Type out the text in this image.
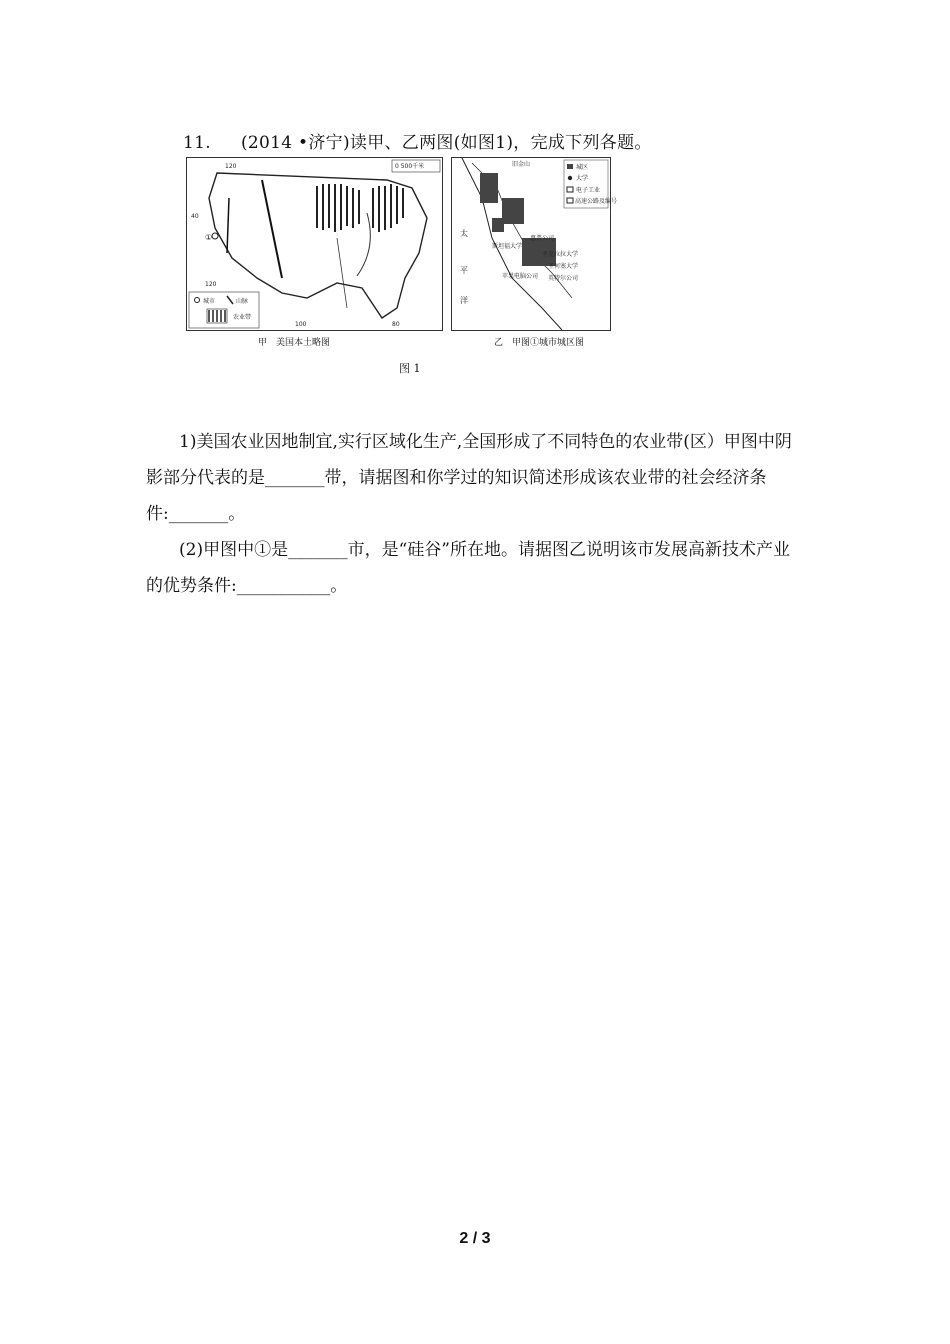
11. (2014 •济宁)读甲、乙两图(如图1)，完成下列各题。
①
120
40
120
100	80
0 500千米
城市	山脉
农业带
太
平
洋
旧金山
斯坦福大学
惠普公司
圣克拉拉大学
苹果电脑公司
圣何塞大学
英特尔公司
城区
大学
电子工业
高速公路及编号
甲　美国本土略图	乙　甲图①城市城区图
图 1
1)美国农业因地制宜,实行区域化生产,全国形成了不同特色的农业带(区）甲图中阴影部分代表的是_______带，请据图和你学过的知识简述形成该农业带的社会经济条件:_______。
(2)甲图中①是_______市，是“硅谷”所在地。请据图乙说明该市发展高新技术产业的优势条件:___________。
2 / 3
